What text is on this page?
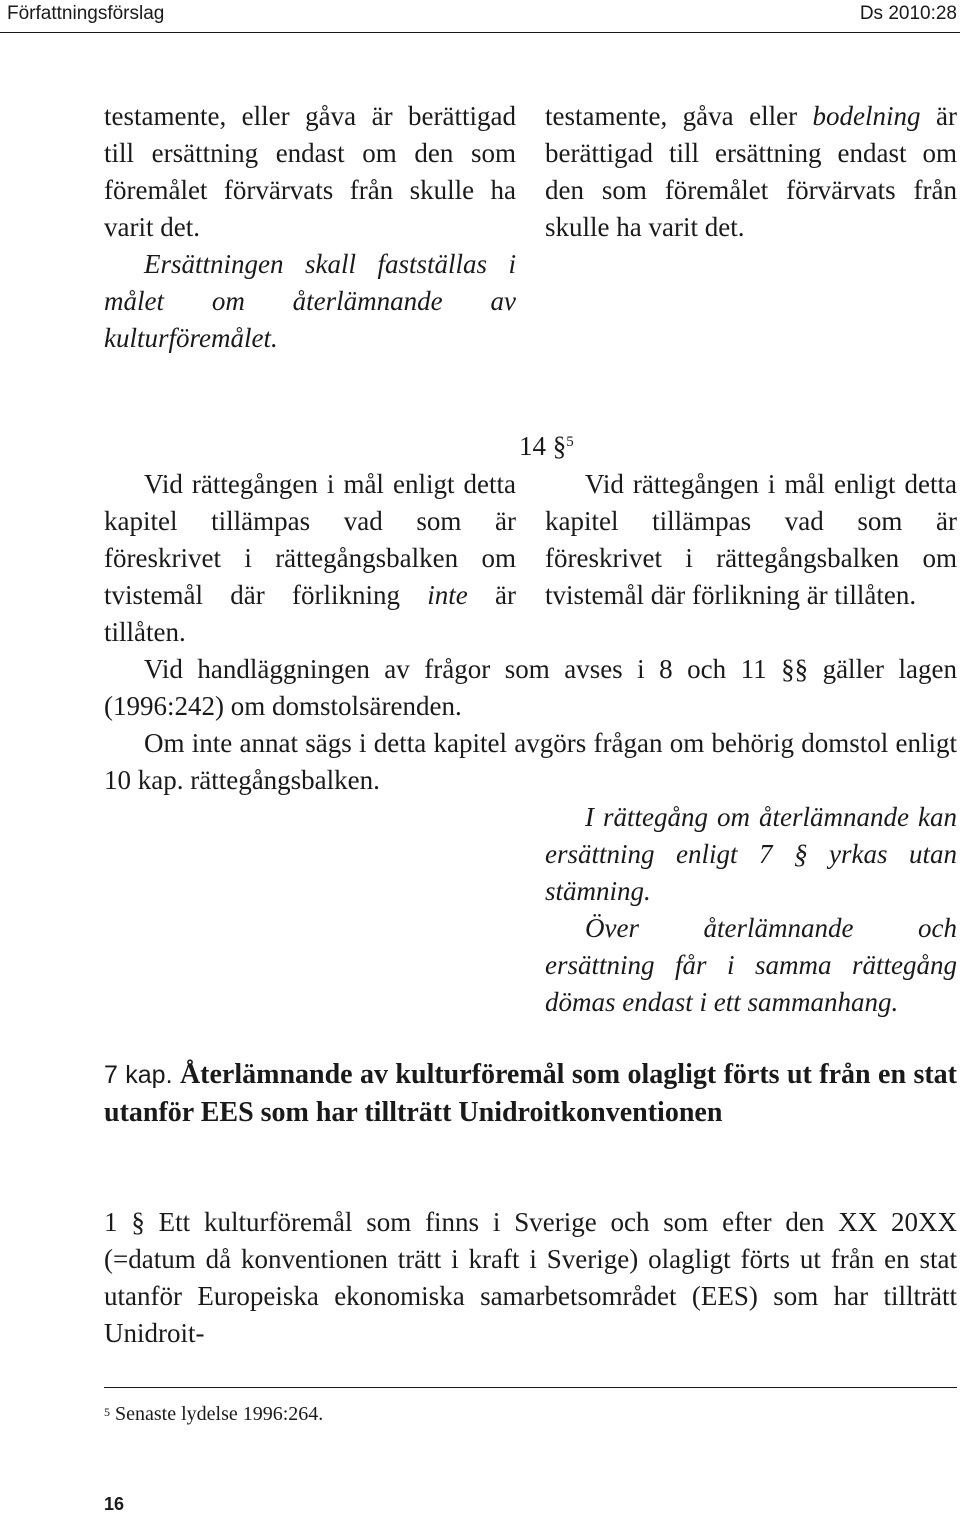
Författningsförslag	Ds 2010:28

testamente, eller gåva är berättigad till ersättning endast om den som föremålet förvärvats från skulle ha varit det.

Ersättningen skall fastställas i målet om återlämnande av kulturföremålet.

testamente, gåva eller bodelning är berättigad till ersättning endast om den som föremålet förvärvats från skulle ha varit det.

14 §$^5$

Vid rättegången i mål enligt detta kapitel tillämpas vad som är föreskrivet i rättegångsbalken om tvistemål där förlikning inte är tillåten.

Vid rättegången i mål enligt detta kapitel tillämpas vad som är föreskrivet i rättegångsbalken om tvistemål där förlikning är tillåten.

Vid handläggningen av frågor som avses i 8 och 11 §§ gäller lagen (1996:242) om domstolsärenden.

Om inte annat sägs i detta kapitel avgörs frågan om behörig domstol enligt 10 kap. rättegångsbalken.

I rättegång om återlämnande kan ersättning enligt 7 § yrkas utan stämning.

Över återlämnande och ersättning får i samma rättegång dömas endast i ett sammanhang.

7 kap. Återlämnande av kulturföremål som olagligt förts ut från en stat utanför EES som har tillträtt Unidroitkonventionen

1 § Ett kulturföremål som finns i Sverige och som efter den XX 20XX (=datum då konventionen trätt i kraft i Sverige) olagligt förts ut från en stat utanför Europeiska ekonomiska samarbetsområdet (EES) som har tillträtt Unidroit-

$^5$ Senaste lydelse 1996:264.
16
